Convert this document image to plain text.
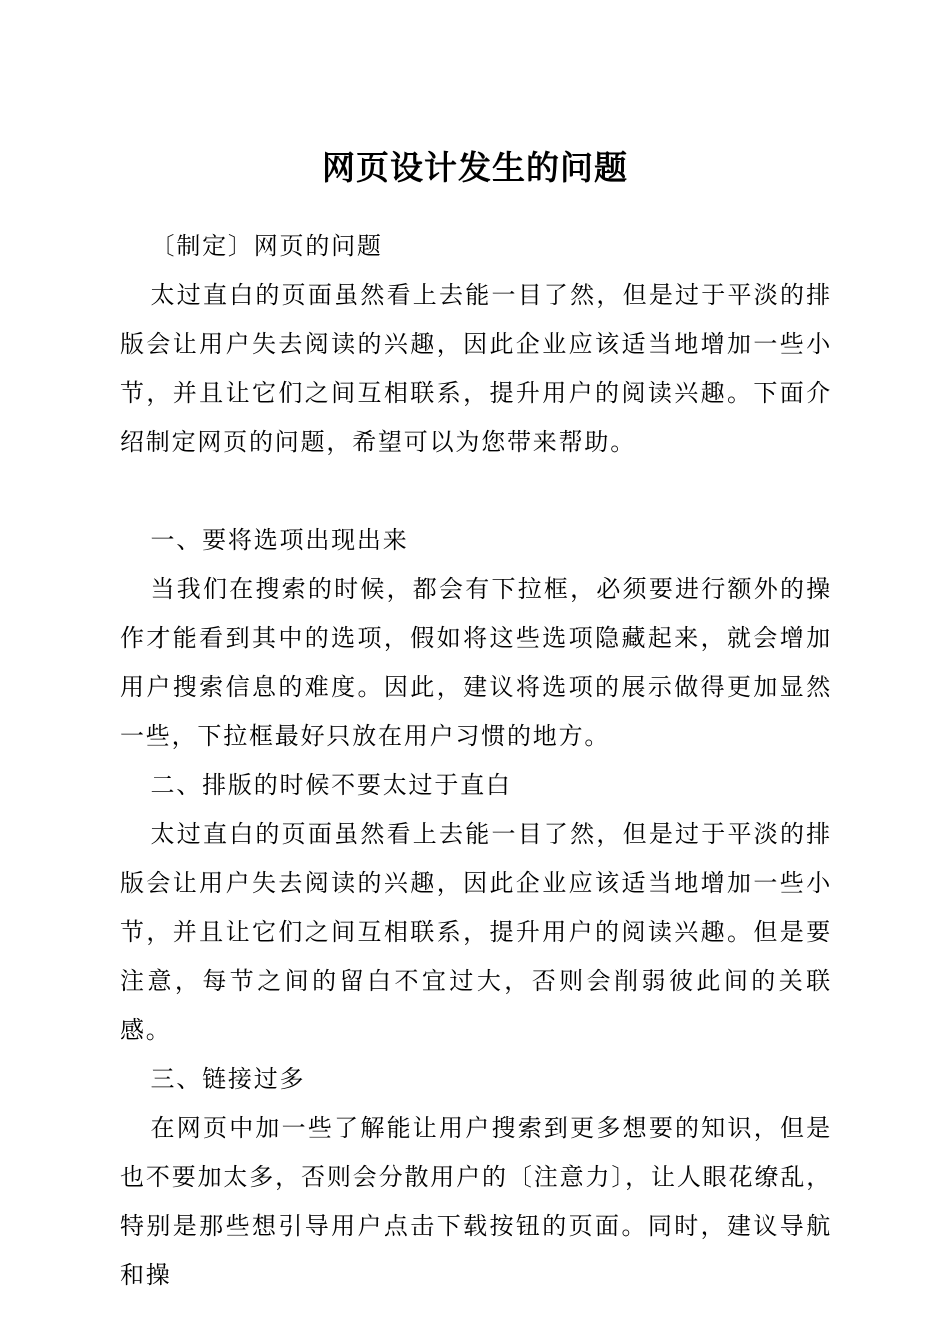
网页设计发生的问题

〔制定〕网页的问题

太过直白的页面虽然看上去能一目了然，但是过于平淡的排版会让用户失去阅读的兴趣，因此企业应该适当地增加一些小节，并且让它们之间互相联系，提升用户的阅读兴趣。下面介绍制定网页的问题，希望可以为您带来帮助。

一、要将选项出现出来

当我们在搜索的时候，都会有下拉框，必须要进行额外的操作才能看到其中的选项，假如将这些选项隐藏起来，就会增加用户搜索信息的难度。因此，建议将选项的展示做得更加显然一些，下拉框最好只放在用户习惯的地方。

二、排版的时候不要太过于直白

太过直白的页面虽然看上去能一目了然，但是过于平淡的排版会让用户失去阅读的兴趣，因此企业应该适当地增加一些小节，并且让它们之间互相联系，提升用户的阅读兴趣。但是要注意，每节之间的留白不宜过大，否则会削弱彼此间的关联感。

三、链接过多

在网页中加一些了解能让用户搜索到更多想要的知识，但是也不要加太多，否则会分散用户的〔注意力〕，让人眼花缭乱，特别是那些想引导用户点击下载按钮的页面。同时，建议导航和操
